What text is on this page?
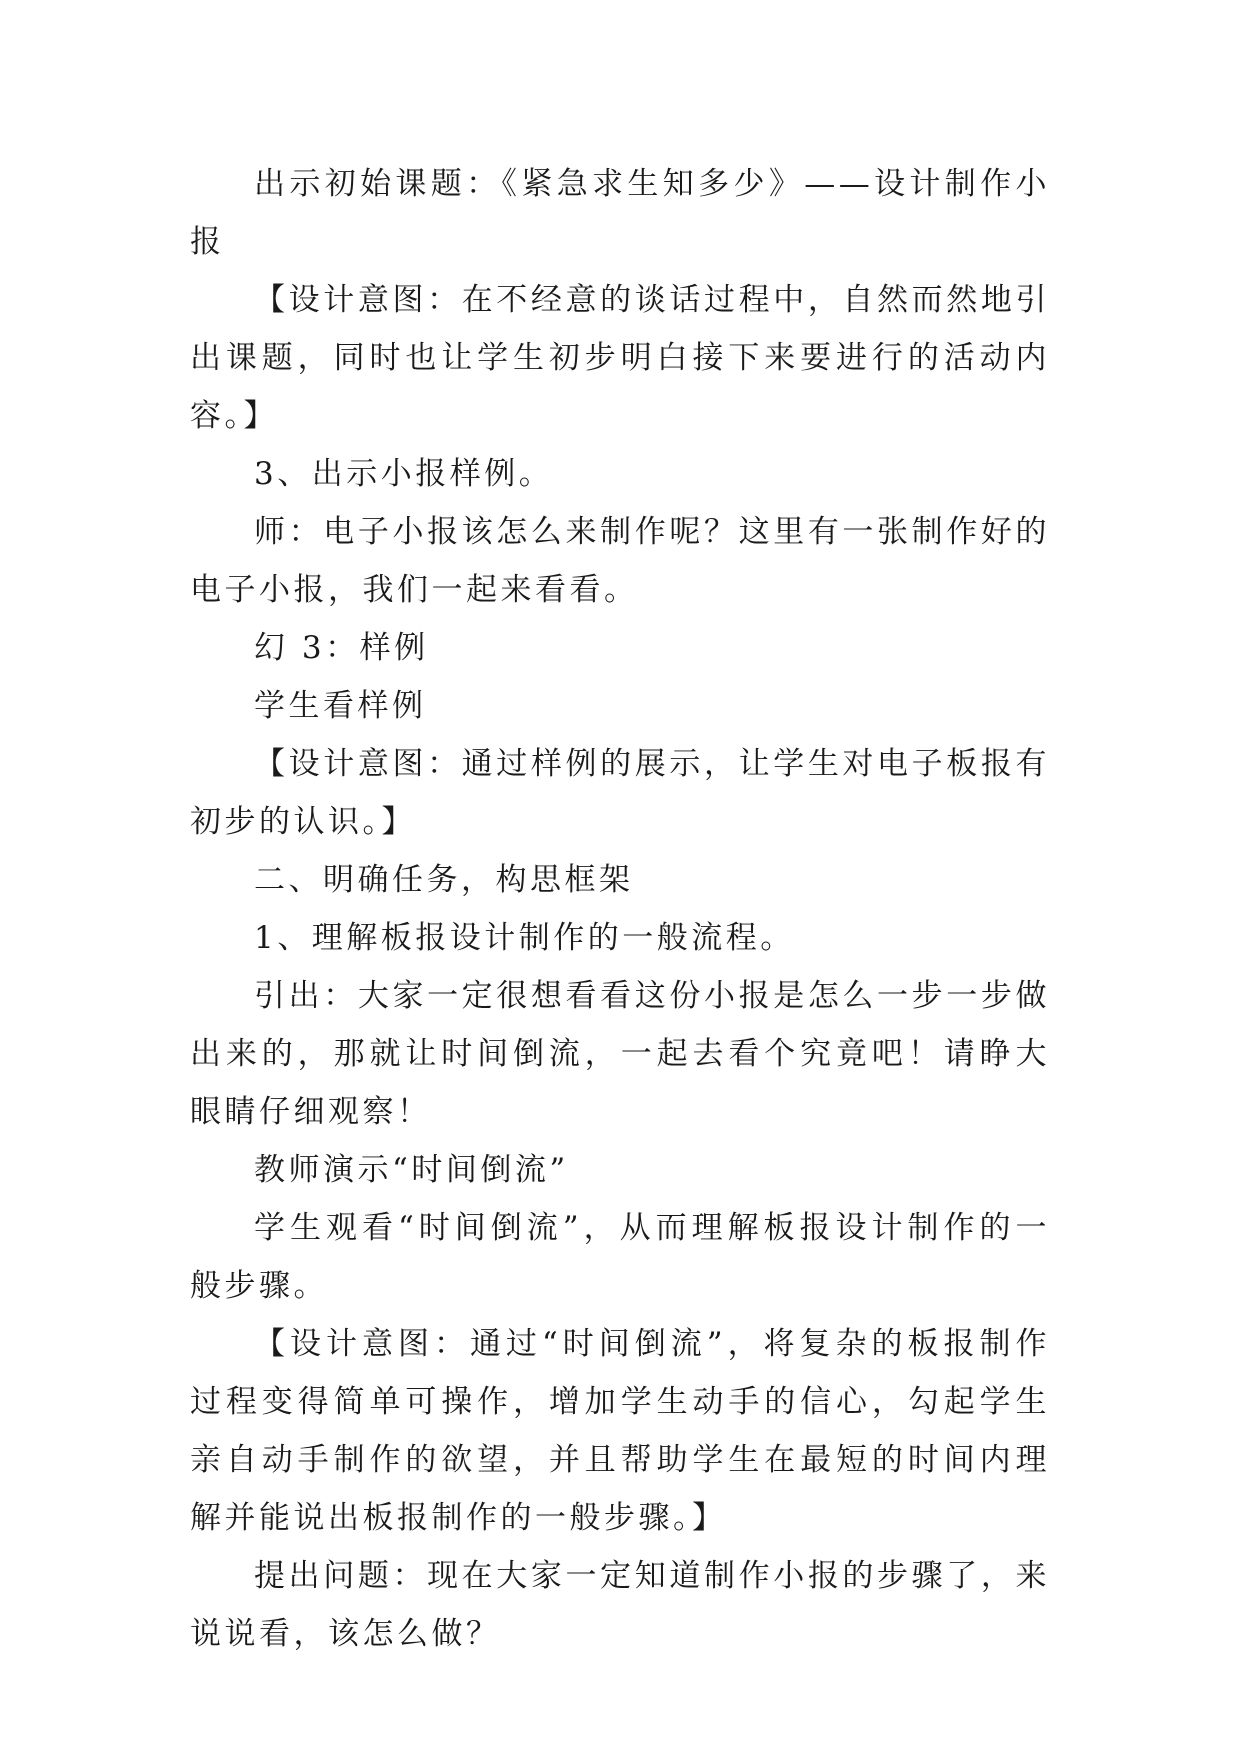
出示初始课题：《紧急求生知多少》——设计制作小报

【设计意图：在不经意的谈话过程中，自然而然地引出课题，同时也让学生初步明白接下来要进行的活动内容。】

3、出示小报样例。

师：电子小报该怎么来制作呢？这里有一张制作好的电子小报，我们一起来看看。

幻 3：样例

学生看样例

【设计意图：通过样例的展示，让学生对电子板报有初步的认识。】

二、明确任务，构思框架

1、理解板报设计制作的一般流程。

引出：大家一定很想看看这份小报是怎么一步一步做出来的，那就让时间倒流，一起去看个究竟吧！请睁大眼睛仔细观察！

教师演示“时间倒流”

学生观看“时间倒流”，从而理解板报设计制作的一般步骤。

【设计意图：通过“时间倒流”，将复杂的板报制作过程变得简单可操作，增加学生动手的信心，勾起学生亲自动手制作的欲望，并且帮助学生在最短的时间内理解并能说出板报制作的一般步骤。】

提出问题：现在大家一定知道制作小报的步骤了，来说说看，该怎么做？
